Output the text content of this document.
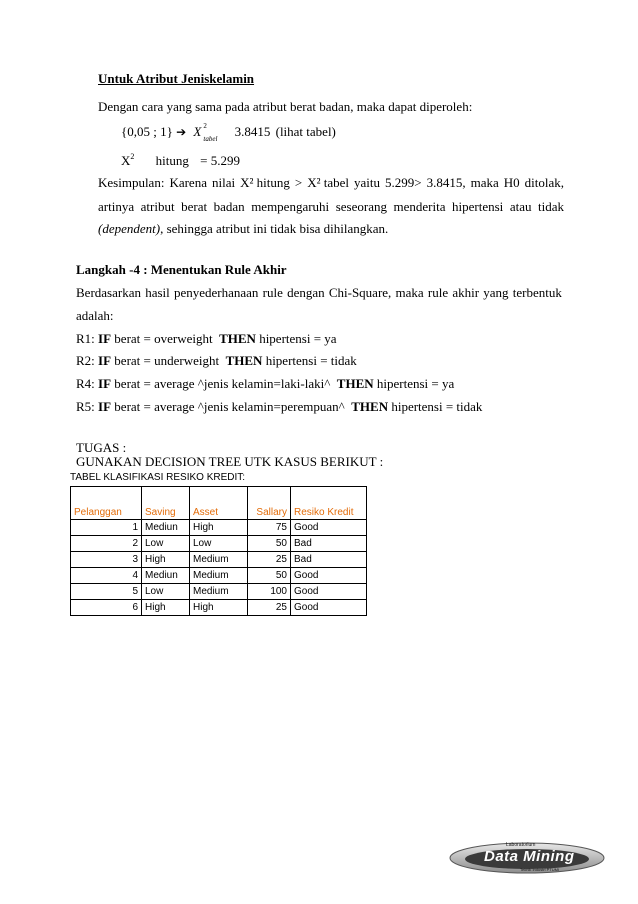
Untuk Atribut Jeniskelamin
Dengan cara yang sama pada atribut berat badan, maka dapat diperoleh:
{0,05 ; 1} ➔ X 2
tabel 3.8415 (lihat tabel)
$X^2$ hitung = 5.299
Kesimpulan: Karena nilai X² hitung > X² tabel yaitu 5.299> 3.8415, maka H0 ditolak,
artinya atribut berat badan mempengaruhi seseorang menderita hipertensi atau tidak
(dependent), sehingga atribut ini tidak bisa dihilangkan.
Langkah -4 : Menentukan Rule Akhir
Berdasarkan hasil penyederhanaan rule dengan Chi-Square, maka rule akhir yang terbentuk
adalah:
R1: IF berat = overweight THEN hipertensi = ya
R2: IF berat = underweight THEN hipertensi = tidak
R4: IF berat = average ^jenis kelamin=laki-laki^ THEN hipertensi = ya
R5: IF berat = average ^jenis kelamin=perempuan^ THEN hipertensi = tidak
TUGAS :
GUNAKAN DECISION TREE UTK KASUS BERIKUT :
TABEL KLASIFIKASI RESIKO KREDIT:
Pelanggan	Saving	Asset	Sallary	Resiko Kredit
1	Mediun	High	75	Good
2	Low	Low	50	Bad
3	High	Medium	25	Bad
4	Mediun	Medium	50	Good
5	Low	Medium	100	Good
6	High	High	25	Good
Laboratorium
Data Mining
Teknik Industri PTUMI
